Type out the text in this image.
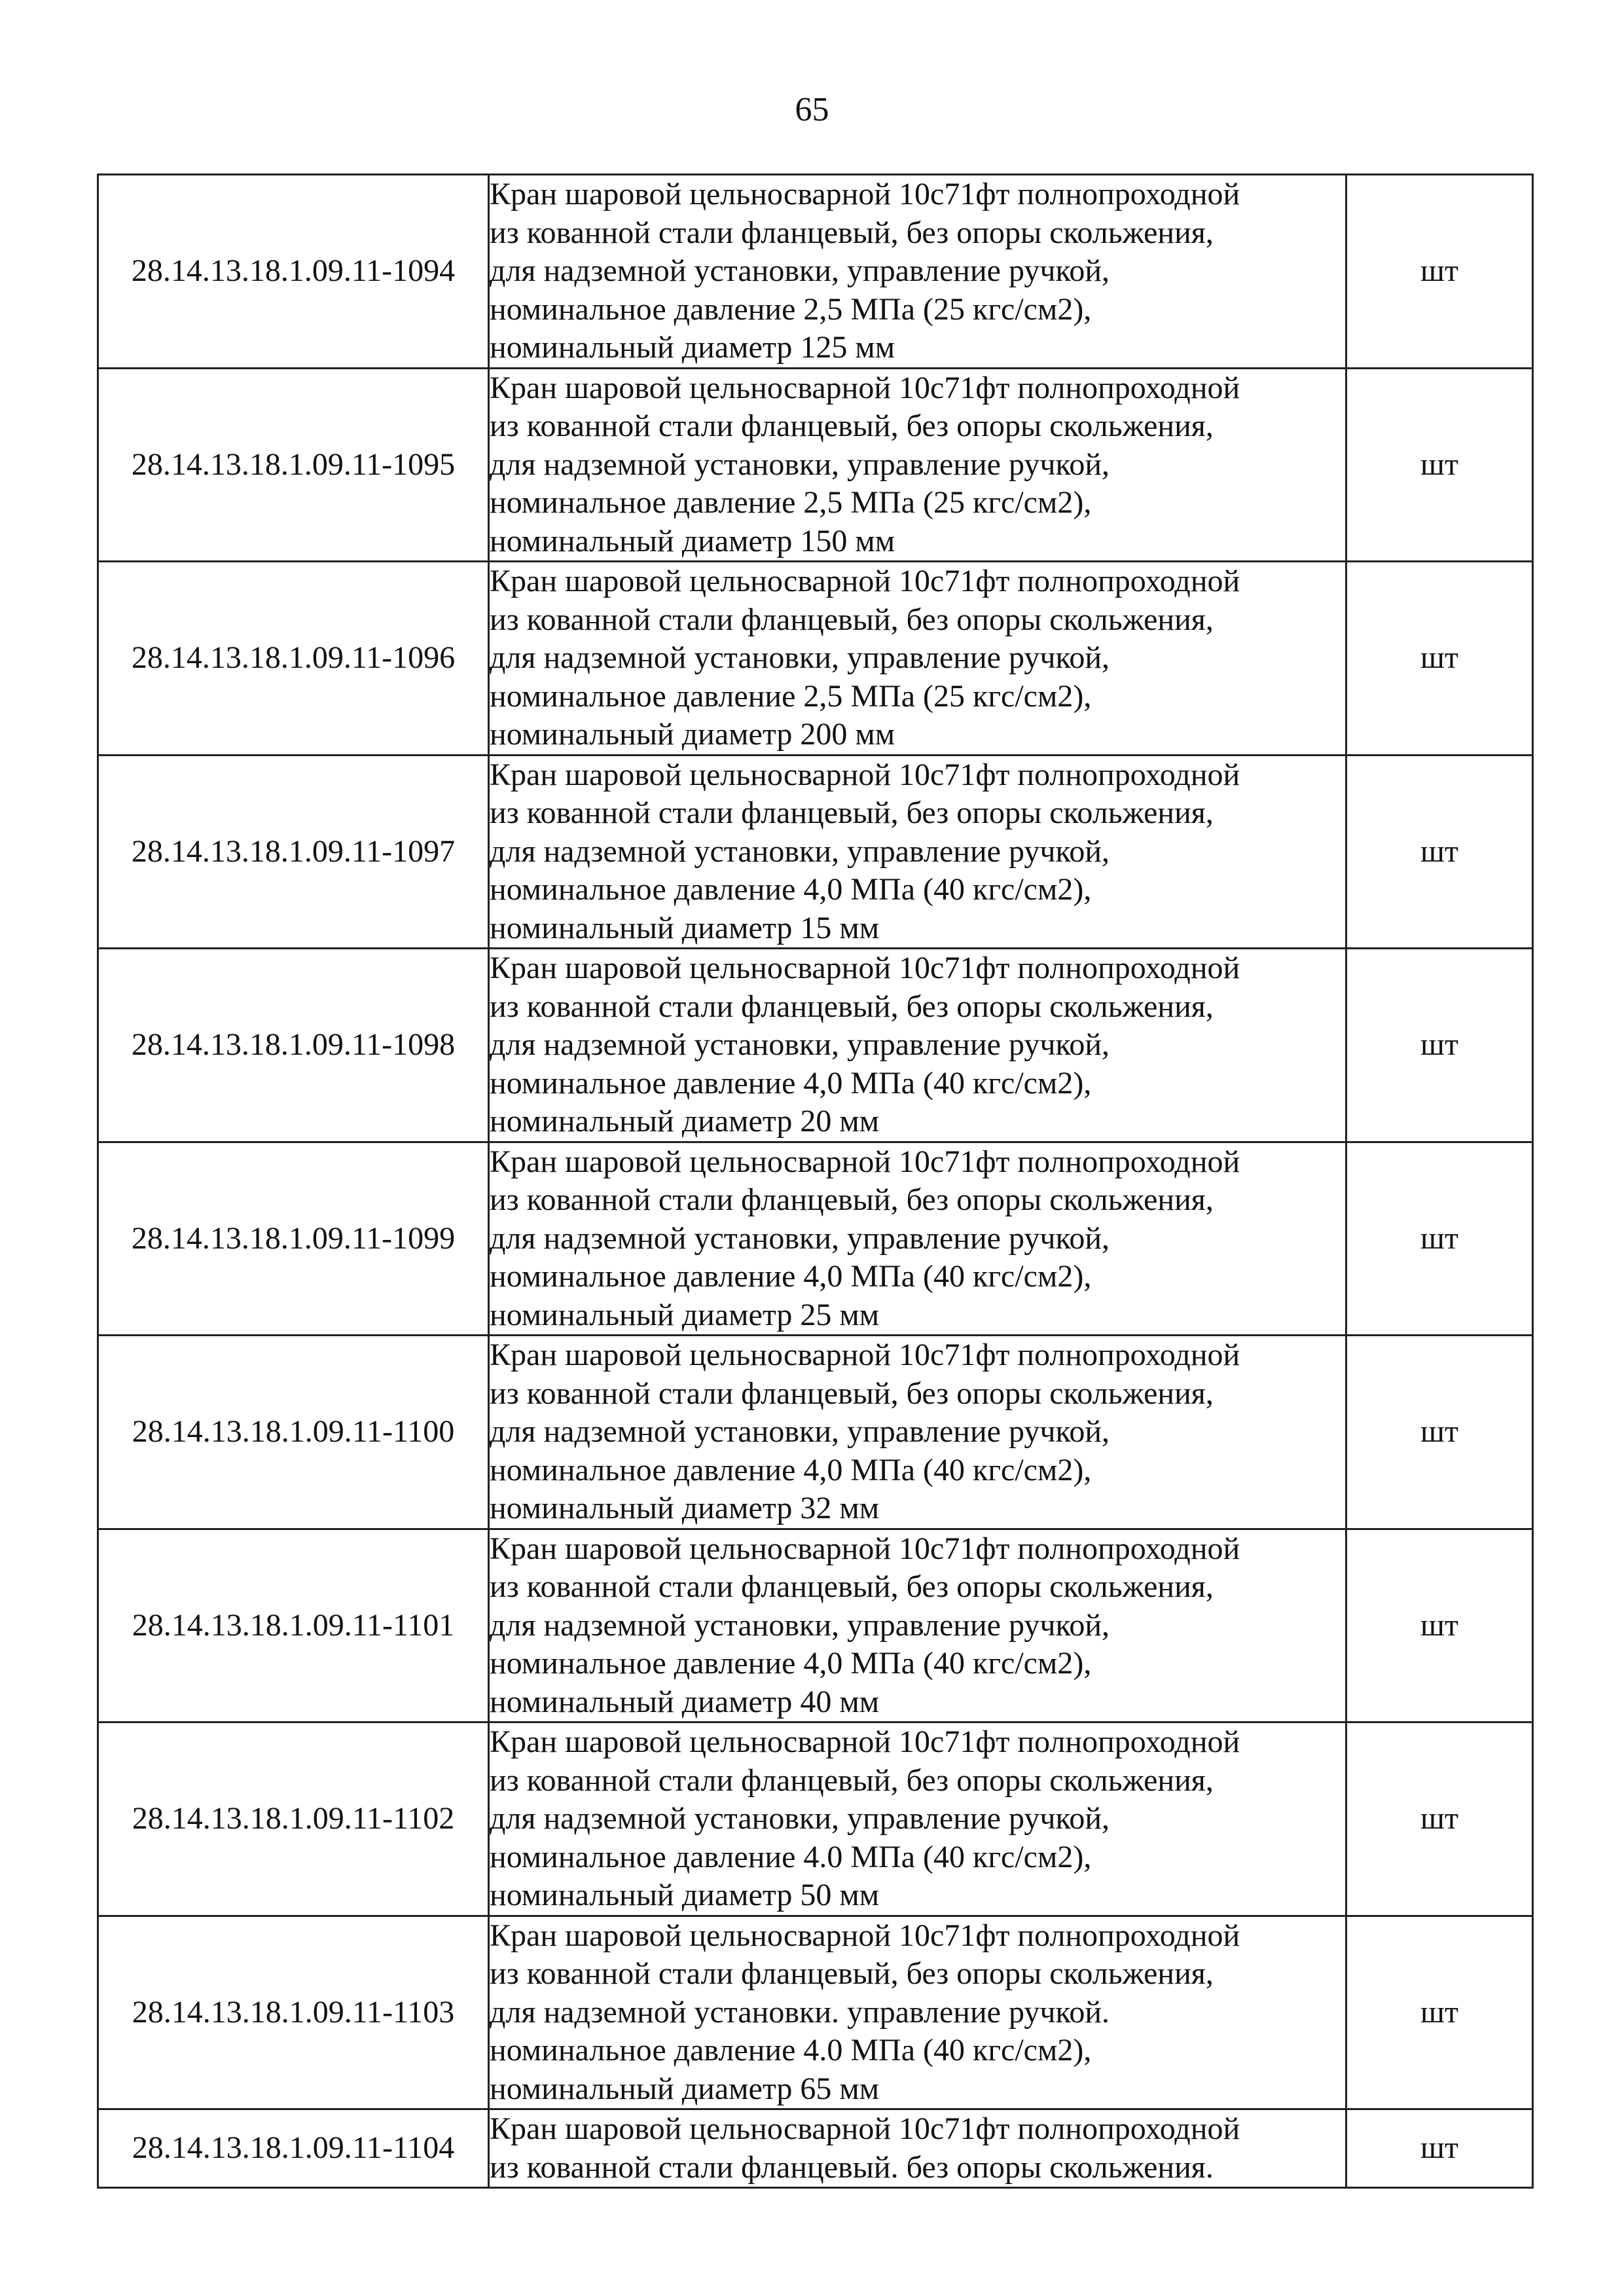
65
28.14.13.18.1.09.11-1094	Кран шаровой цельносварной 10с71фт полнопроходной
из кованной стали фланцевый, без опоры скольжения,
для надземной установки, управление ручкой,
номинальное давление 2,5 МПа (25 кгс/см2),
номинальный диаметр 125 мм	шт
28.14.13.18.1.09.11-1095	Кран шаровой цельносварной 10с71фт полнопроходной
из кованной стали фланцевый, без опоры скольжения,
для надземной установки, управление ручкой,
номинальное давление 2,5 МПа (25 кгс/см2),
номинальный диаметр 150 мм	шт
28.14.13.18.1.09.11-1096	Кран шаровой цельносварной 10с71фт полнопроходной
из кованной стали фланцевый, без опоры скольжения,
для надземной установки, управление ручкой,
номинальное давление 2,5 МПа (25 кгс/см2),
номинальный диаметр 200 мм	шт
28.14.13.18.1.09.11-1097	Кран шаровой цельносварной 10с71фт полнопроходной
из кованной стали фланцевый, без опоры скольжения,
для надземной установки, управление ручкой,
номинальное давление 4,0 МПа (40 кгс/см2),
номинальный диаметр 15 мм	шт
28.14.13.18.1.09.11-1098	Кран шаровой цельносварной 10с71фт полнопроходной
из кованной стали фланцевый, без опоры скольжения,
для надземной установки, управление ручкой,
номинальное давление 4,0 МПа (40 кгс/см2),
номинальный диаметр 20 мм	шт
28.14.13.18.1.09.11-1099	Кран шаровой цельносварной 10с71фт полнопроходной
из кованной стали фланцевый, без опоры скольжения,
для надземной установки, управление ручкой,
номинальное давление 4,0 МПа (40 кгс/см2),
номинальный диаметр 25 мм	шт
28.14.13.18.1.09.11-1100	Кран шаровой цельносварной 10с71фт полнопроходной
из кованной стали фланцевый, без опоры скольжения,
для надземной установки, управление ручкой,
номинальное давление 4,0 МПа (40 кгс/см2),
номинальный диаметр 32 мм	шт
28.14.13.18.1.09.11-1101	Кран шаровой цельносварной 10с71фт полнопроходной
из кованной стали фланцевый, без опоры скольжения,
для надземной установки, управление ручкой,
номинальное давление 4,0 МПа (40 кгс/см2),
номинальный диаметр 40 мм	шт
28.14.13.18.1.09.11-1102	Кран шаровой цельносварной 10с71фт полнопроходной
из кованной стали фланцевый, без опоры скольжения,
для надземной установки, управление ручкой,
номинальное давление 4.0 МПа (40 кгс/см2),
номинальный диаметр 50 мм	шт
28.14.13.18.1.09.11-1103	Кран шаровой цельносварной 10с71фт полнопроходной
из кованной стали фланцевый, без опоры скольжения,
для надземной установки. управление ручкой.
номинальное давление 4.0 МПа (40 кгс/см2),
номинальный диаметр 65 мм	шт
28.14.13.18.1.09.11-1104	Кран шаровой цельносварной 10с71фт полнопроходной
из кованной стали фланцевый. без опоры скольжения.	шт
